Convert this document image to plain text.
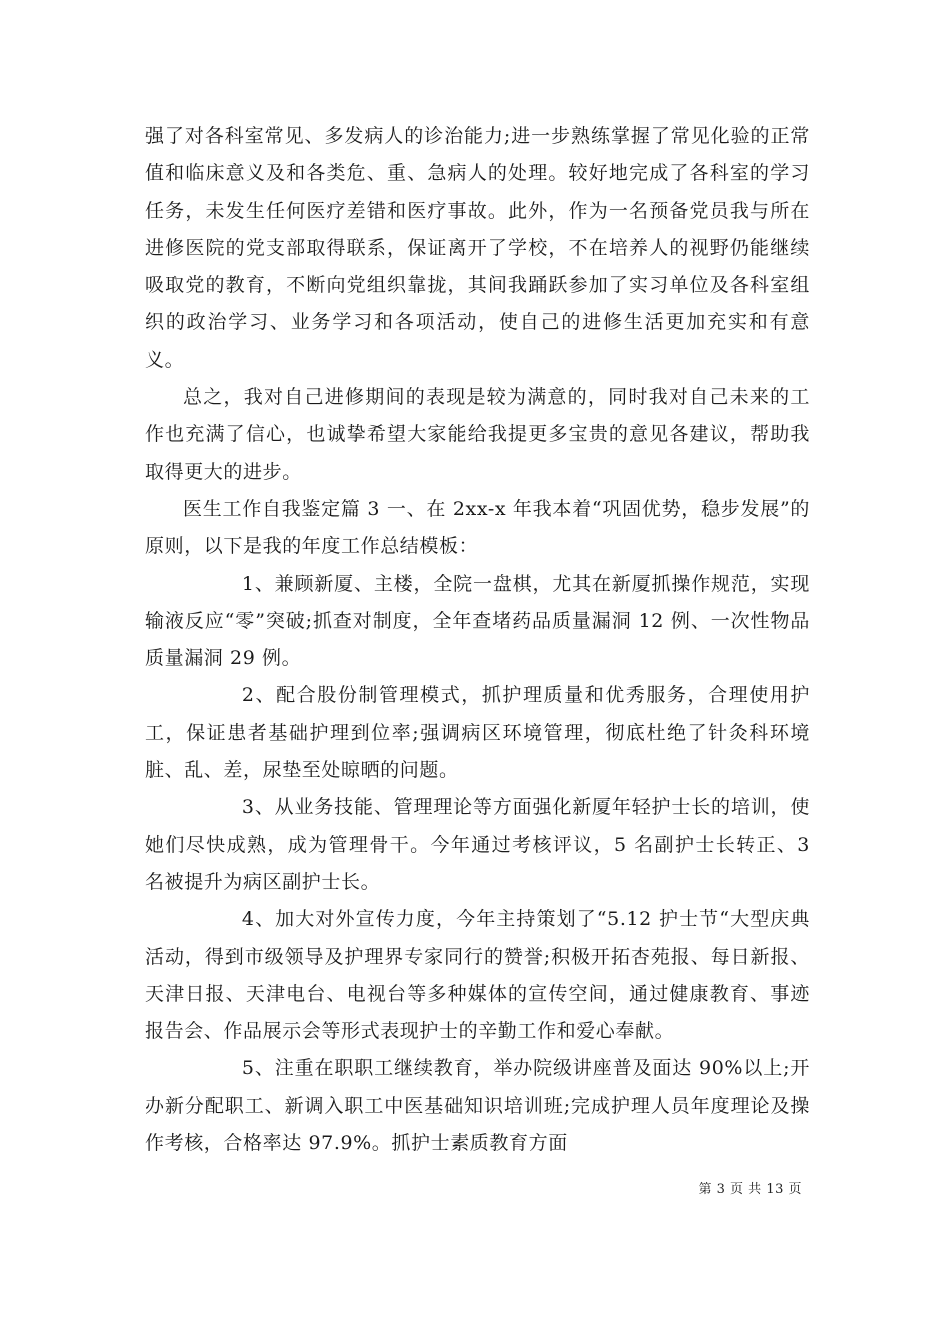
强了对各科室常见、多发病人的诊治能力;进一步熟练掌握了常见化验的正常值和临床意义及和各类危、重、急病人的处理。较好地完成了各科室的学习任务，未发生任何医疗差错和医疗事故。此外，作为一名预备党员我与所在进修医院的党支部取得联系，保证离开了学校，不在培养人的视野仍能继续吸取党的教育，不断向党组织靠拢，其间我踊跃参加了实习单位及各科室组织的政治学习、业务学习和各项活动，使自己的进修生活更加充实和有意义。

总之，我对自己进修期间的表现是较为满意的，同时我对自己未来的工作也充满了信心，也诚挚希望大家能给我提更多宝贵的意见各建议，帮助我取得更大的进步。

医生工作自我鉴定篇 3 一、在 2xx-x 年我本着“巩固优势，稳步发展”的原则，以下是我的年度工作总结模板：

1、兼顾新厦、主楼，全院一盘棋，尤其在新厦抓操作规范，实现输液反应“零”突破;抓查对制度，全年查堵药品质量漏洞 12 例、一次性物品质量漏洞 29 例。

2、配合股份制管理模式，抓护理质量和优秀服务，合理使用护工，保证患者基础护理到位率;强调病区环境管理，彻底杜绝了针灸科环境脏、乱、差，尿垫至处晾晒的问题。

3、从业务技能、管理理论等方面强化新厦年轻护士长的培训，使她们尽快成熟，成为管理骨干。今年通过考核评议，5 名副护士长转正、3 名被提升为病区副护士长。

4、加大对外宣传力度，今年主持策划了“5.12 护士节“大型庆典活动，得到市级领导及护理界专家同行的赞誉;积极开拓杏苑报、每日新报、天津日报、天津电台、电视台等多种媒体的宣传空间，通过健康教育、事迹报告会、作品展示会等形式表现护士的辛勤工作和爱心奉献。

5、注重在职职工继续教育，举办院级讲座普及面达 90%以上;开办新分配职工、新调入职工中医基础知识培训班;完成护理人员年度理论及操作考核，合格率达 97.9%。抓护士素质教育方面

第 3 页 共 13 页
